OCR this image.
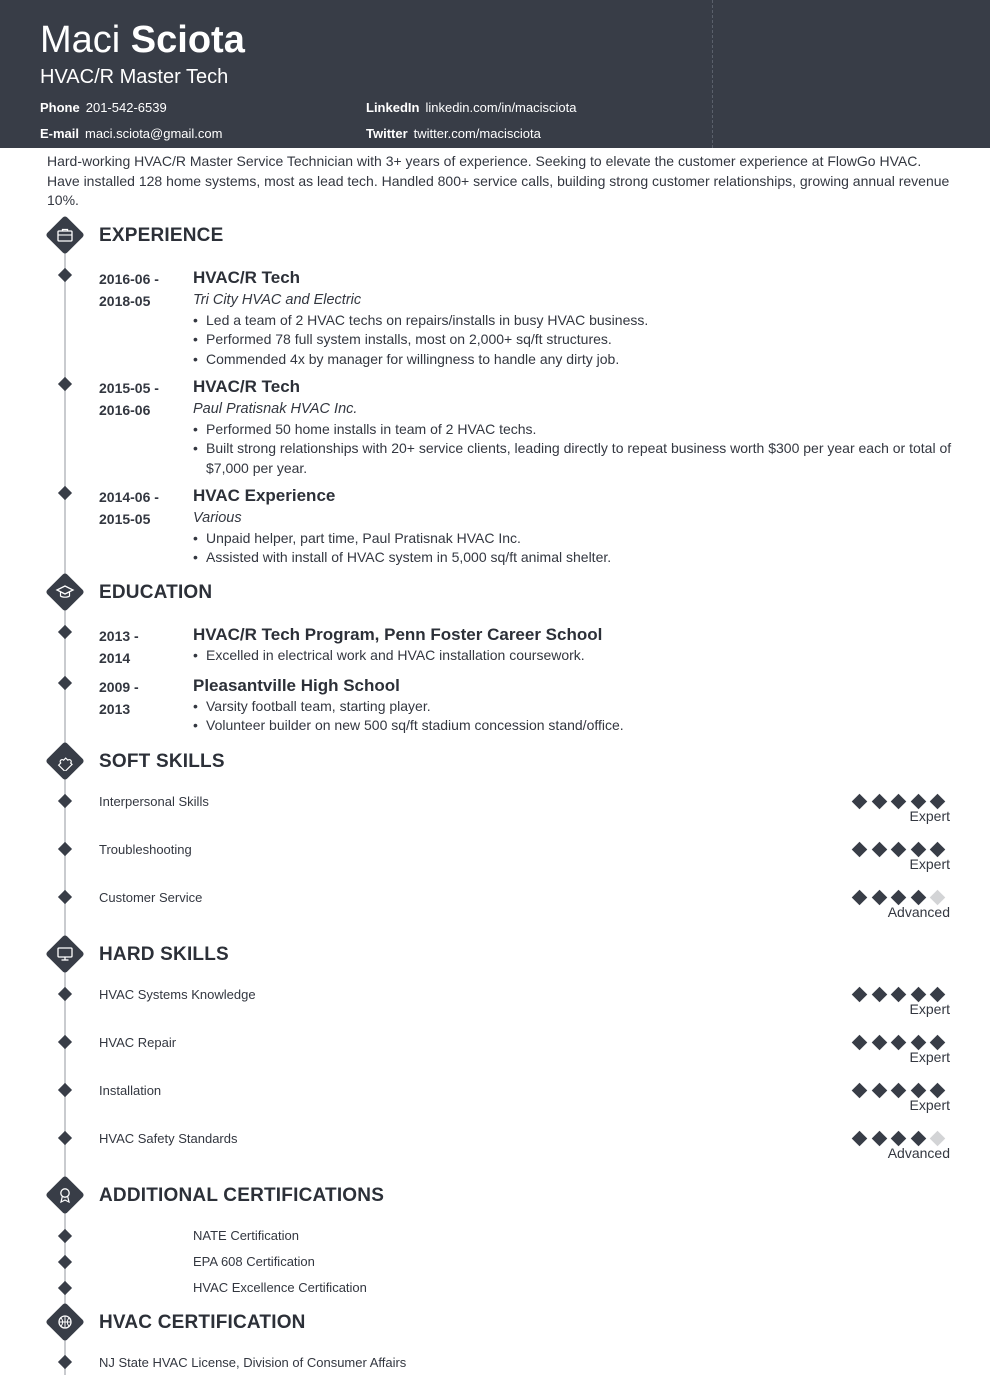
Maci Sciota
HVAC/R Master Tech
Phone 201-542-6539	LinkedIn linkedin.com/in/macisciota
E-mail maci.sciota@gmail.com	Twitter twitter.com/macisciota
Hard-working HVAC/R Master Service Technician with 3+ years of experience. Seeking to elevate the customer experience at FlowGo HVAC. Have installed 128 home systems, most as lead tech. Handled 800+ service calls, building strong customer relationships, growing annual revenue 10%.
EXPERIENCE
2016-06 -
2018-05
HVAC/R Tech
Tri City HVAC and Electric
• Led a team of 2 HVAC techs on repairs/installs in busy HVAC business.
• Performed 78 full system installs, most on 2,000+ sq/ft structures.
• Commended 4x by manager for willingness to handle any dirty job.
2015-05 -
2016-06
HVAC/R Tech
Paul Pratisnak HVAC Inc.
• Performed 50 home installs in team of 2 HVAC techs.
• Built strong relationships with 20+ service clients, leading directly to repeat business worth $300 per year each or total of $7,000 per year.
2014-06 -
2015-05
HVAC Experience
Various
• Unpaid helper, part time, Paul Pratisnak HVAC Inc.
• Assisted with install of HVAC system in 5,000 sq/ft animal shelter.
EDUCATION
2013 -
2014
HVAC/R Tech Program, Penn Foster Career School
• Excelled in electrical work and HVAC installation coursework.
2009 -
2013
Pleasantville High School
• Varsity football team, starting player.
• Volunteer builder on new 500 sq/ft stadium concession stand/office.
SOFT SKILLS
Interpersonal Skills
Expert
Troubleshooting
Expert
Customer Service
Advanced
HARD SKILLS
HVAC Systems Knowledge
Expert
HVAC Repair
Expert
Installation
Expert
HVAC Safety Standards
Advanced
ADDITIONAL CERTIFICATIONS
NATE Certification
EPA 608 Certification
HVAC Excellence Certification
HVAC CERTIFICATION
NJ State HVAC License, Division of Consumer Affairs
